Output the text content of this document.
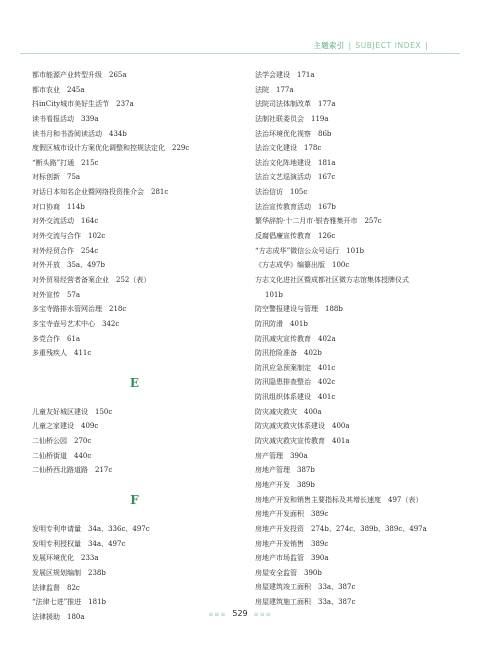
主题索引 | SUBJECT INDEX |
都市能源产业转型升级　265a
都市农业　245a
抖inCity城市美好生活节　237a
读书看报活动　339a
读书月和书香阅读活动　434b
度假区城市设计方案优化调整和控规法定化　229c
“断头路”打通　215c
对标创新　75a
对话日本知名企业暨网络投资推介会　281c
对口协商　114b
对外交流活动　164c
对外交流与合作　102c
对外经贸合作　254c
对外开放　35a、497b
对外贸易经营者备案企业　252（表）
对外宣传　57a
多宝寺路排水管网治理　218c
多宝寺壶号艺术中心　342c
多党合作　61a
多重残疾人　411c
E
儿童友好城区建设　150c
儿童之家建设　409c
二仙桥公园　270c
二仙桥街道　440c
二仙桥西北路道路　217c
F
发明专利申请量　34a、336c、497c
发明专利授权量　34a、497c
发展环境优化　233a
发展区规划编制　238b
法律监督　82c
“法律七进”推进　181b
法律援助　180a
法学会建设　171a
法院　177a
法院司法体制改革　177a
法制社联委员会　119a
法治环境优化视察　86b
法治文化建设　178c
法治文化阵地建设　181a
法治文艺巡演活动　167c
法治信访　105c
法治宣传教育活动　167b
繁华辞韵·十二月市·银杏雅集开市　257c
反腐倡廉宣传教育　126c
“方志成华”微信公众号运行　101b
《方志成华》编纂出版　100c
方志文化进社区暨成都社区微方志馆集体授牌仪式
101b
防空警报建设与管理　188b
防汛防滑　401b
防汛减灾宣传教育　402a
防汛抢险准备　402b
防汛应急预案制定　401c
防汛隐患排查整治　402c
防汛组织体系建设　401c
防灾减灾救灾　400a
防灾减灾救灾体系建设　400a
防灾减灾救灾宣传教育　401a
房产管理　390a
房地产管理　387b
房地产开发　389b
房地产开发和销售主要指标及其增长速度　497（表）
房地产开发面积　389c
房地产开发投资　274b、274c、389b、389c、497a
房地产开发销售　389c
房地产市场监管　390a
房屋安全监管　390b
房屋建筑竣工面积　33a、387c
房屋建筑施工面积　33a、387c
≡≡≡ 529 ≡≡≡
